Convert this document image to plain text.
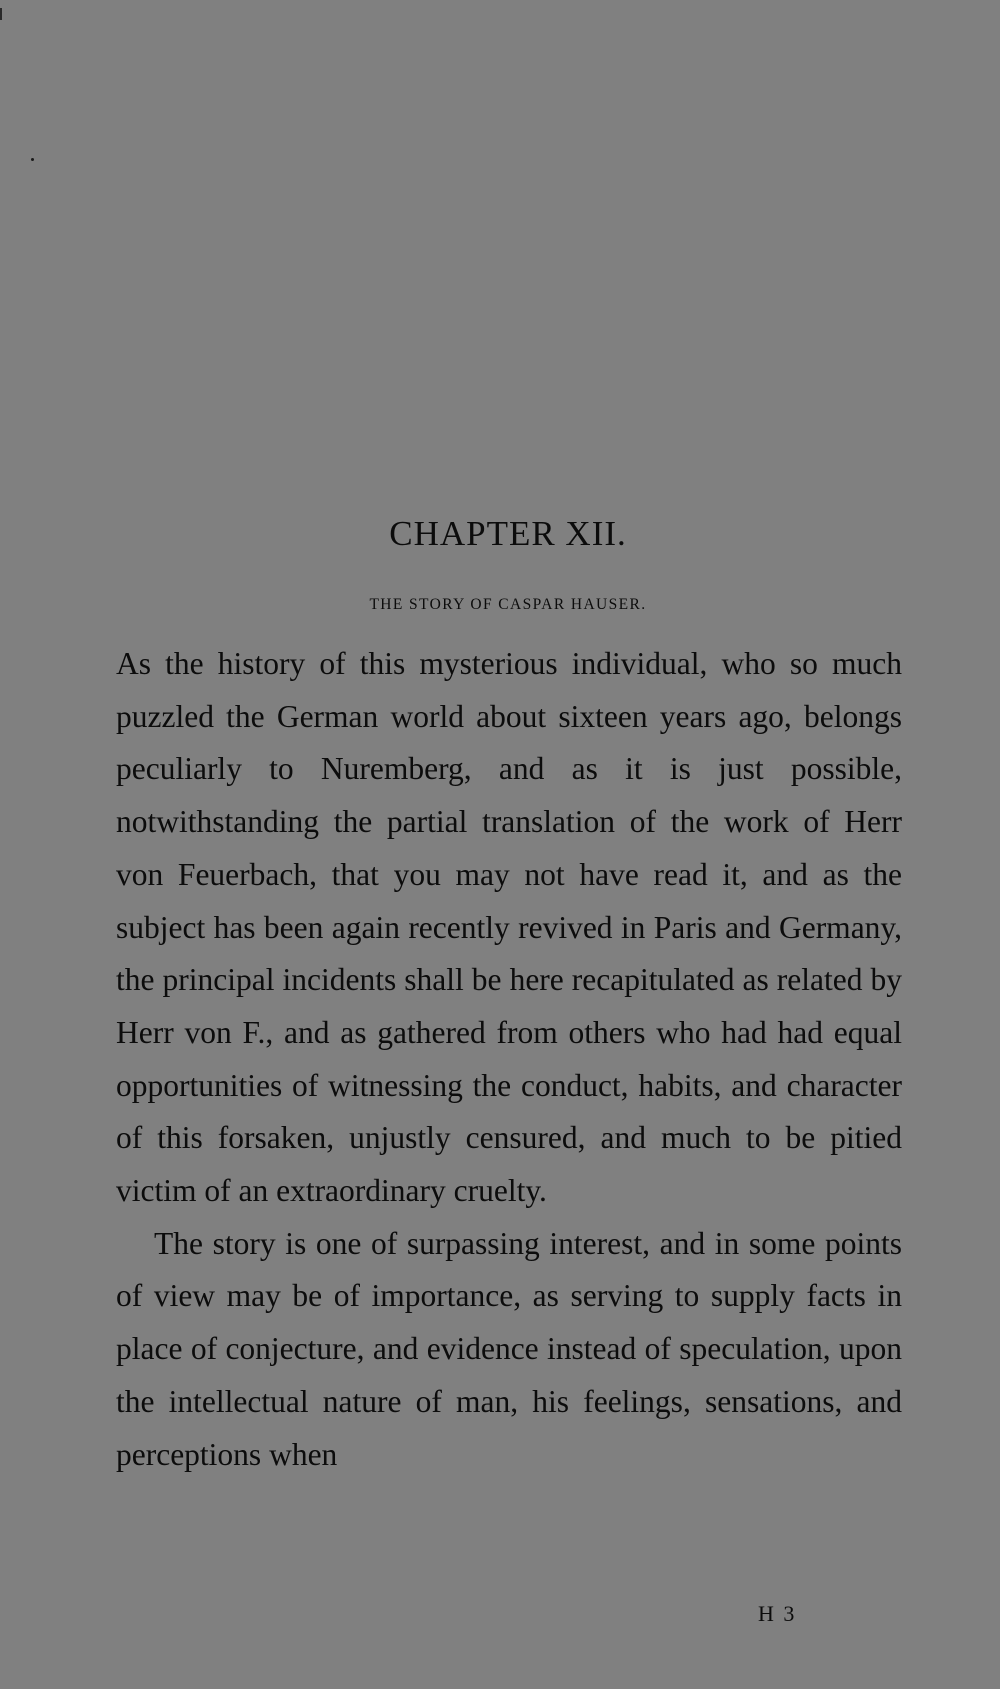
CHAPTER XII.
THE STORY OF CASPAR HAUSER.

As the history of this mysterious individual, who so much puzzled the German world about sixteen years ago, belongs peculiarly to Nuremberg, and as it is just possible, notwithstanding the partial translation of the work of Herr von Feuerbach, that you may not have read it, and as the subject has been again recently revived in Paris and Germany, the principal incidents shall be here recapitulated as related by Herr von F., and as gathered from others who had had equal opportunities of witnessing the conduct, habits, and character of this forsaken, unjustly censured, and much to be pitied victim of an extraordinary cruelty.

The story is one of surpassing interest, and in some points of view may be of importance, as serving to supply facts in place of conjecture, and evidence instead of speculation, upon the intellectual nature of man, his feelings, sensations, and perceptions when

H 3
